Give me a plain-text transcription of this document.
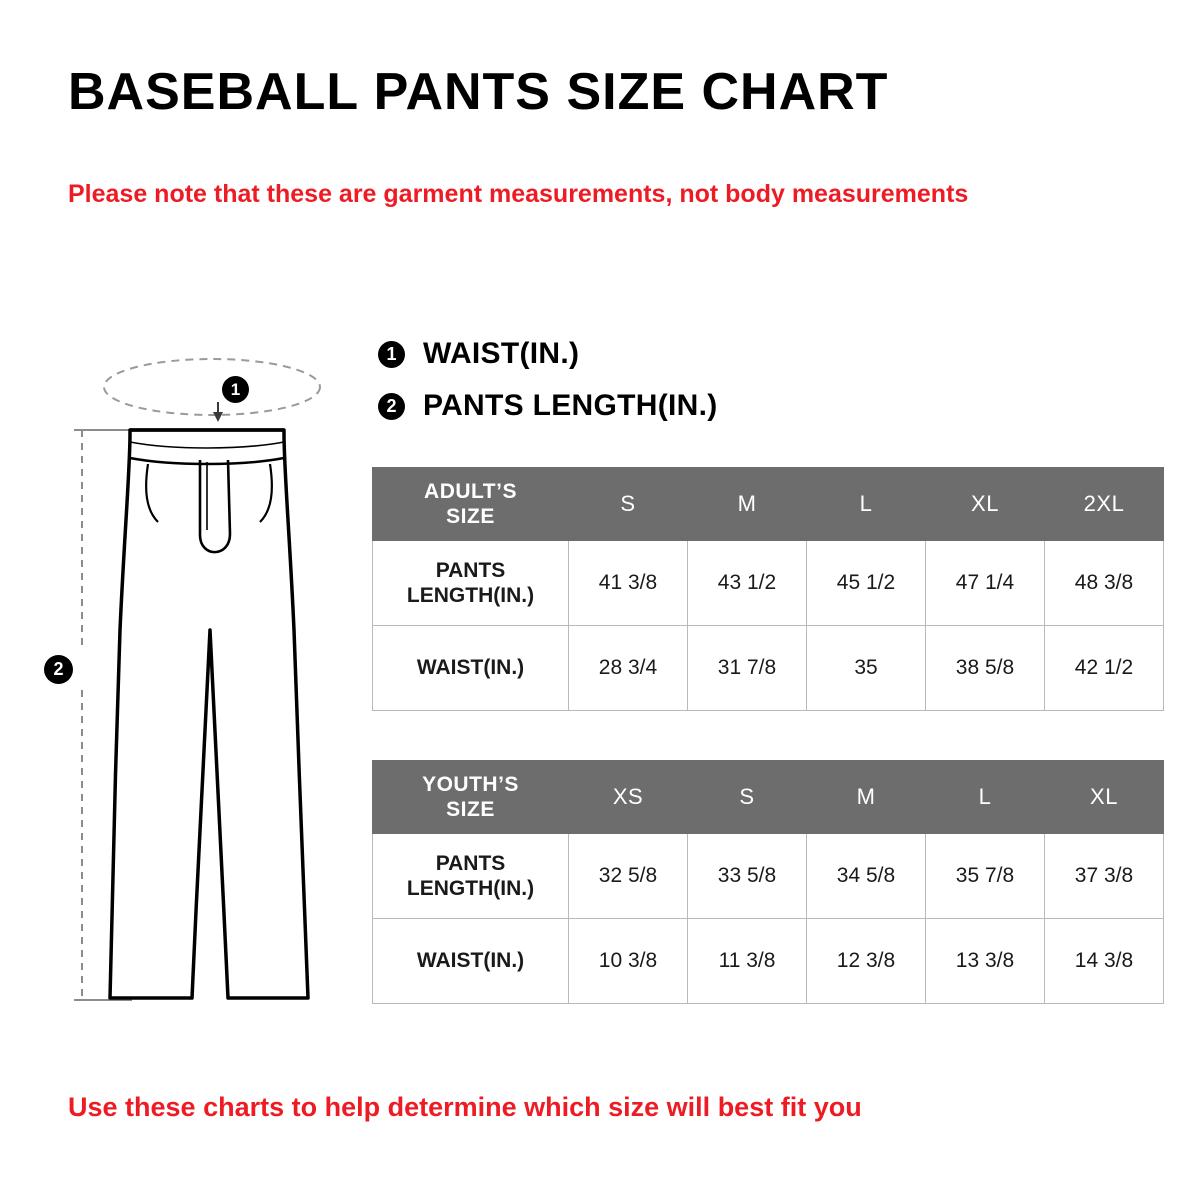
BASEBALL PANTS SIZE CHART
Please note that these are garment measurements, not body measurements
1 WAIST(IN.)
2 PANTS LENGTH(IN.)
1
2
ADULT’S
SIZE	S	M	L	XL	2XL

PANTS
LENGTH(IN.)	41 3/8	43 1/2	45 1/2	47 1/4	48 3/8
WAIST(IN.)	28 3/4	31 7/8	35	38 5/8	42 1/2
YOUTH’S
SIZE	XS	S	M	L	XL

PANTS
LENGTH(IN.)	32 5/8	33 5/8	34 5/8	35 7/8	37 3/8
WAIST(IN.)	10 3/8	11 3/8	12 3/8	13 3/8	14 3/8
Use these charts to help determine which size will best fit you
